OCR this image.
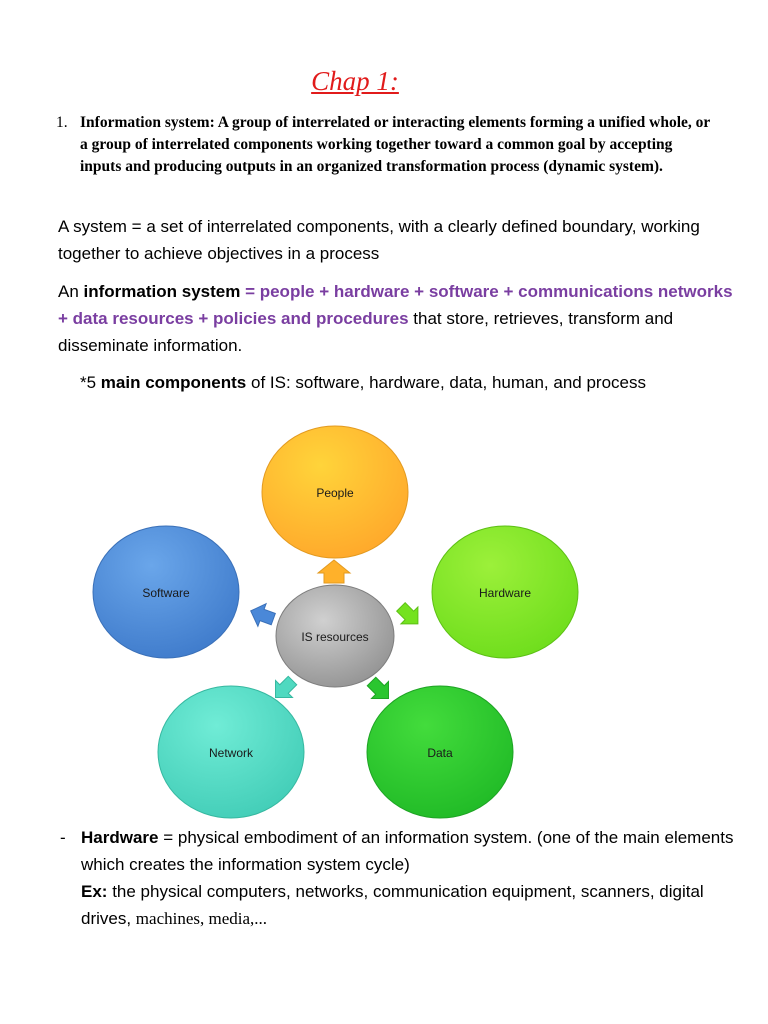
Chap 1:
1. Information system: A group of interrelated or interacting elements forming a unified whole, or a group of interrelated components working together toward a common goal by accepting inputs and producing outputs in an organized transformation process (dynamic system).
A system = a set of interrelated components, with a clearly defined boundary, working together to achieve objectives in a process
An information system = people + hardware + software + communications networks + data resources + policies and procedures that store, retrieves, transform and disseminate information.
*5 main components of IS: software, hardware, data, human, and process
People
Hardware
Data
Network
Software
IS resources
- Hardware = physical embodiment of an information system. (one of the main elements which creates the information system cycle)
Ex: the physical computers, networks, communication equipment, scanners, digital drives, machines, media,...
